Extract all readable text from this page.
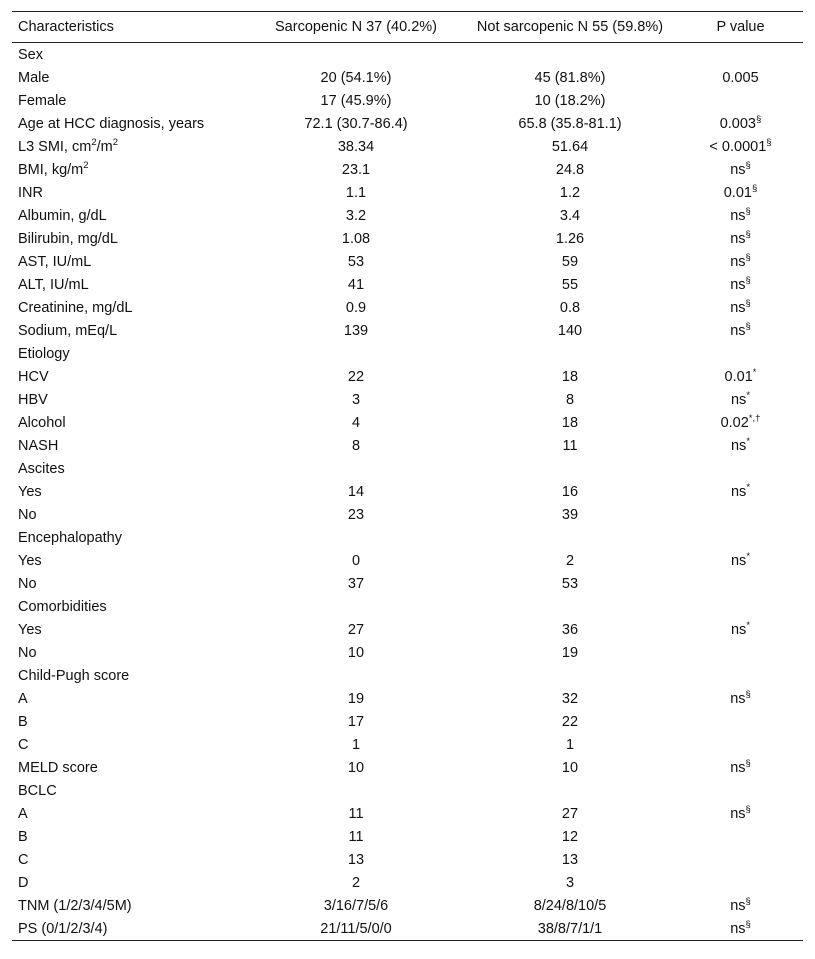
Characteristics	Sarcopenic N 37 (40.2%)	Not sarcopenic N 55 (59.8%)	P value
Sex			
Male	20 (54.1%)	45 (81.8%)	0.005
Female	17 (45.9%)	10 (18.2%)	
Age at HCC diagnosis, years	72.1 (30.7-86.4)	65.8 (35.8-81.1)	0.003§
L3 SMI, $cm^2/m^2$	38.34	51.64	< 0.0001§
BMI, $kg/m^2$	23.1	24.8	ns§
INR	1.1	1.2	0.01§
Albumin, g/dL	3.2	3.4	ns§
Bilirubin, mg/dL	1.08	1.26	ns§
AST, IU/mL	53	59	ns§
ALT, IU/mL	41	55	ns§
Creatinine, mg/dL	0.9	0.8	ns§
Sodium, mEq/L	139	140	ns§
Etiology			
HCV	22	18	0.01*
HBV	3	8	ns*
Alcohol	4	18	0.02*,†
NASH	8	11	ns*
Ascites			
Yes	14	16	ns*
No	23	39	
Encephalopathy			
Yes	0	2	ns*
No	37	53	
Comorbidities			
Yes	27	36	ns*
No	10	19	
Child-Pugh score			
A	19	32	ns§
B	17	22	
C	1	1	
MELD score	10	10	ns§
BCLC			
A	11	27	ns§
B	11	12	
C	13	13	
D	2	3	
TNM (1/2/3/4/5M)	3/16/7/5/6	8/24/8/10/5	ns§
PS (0/1/2/3/4)	21/11/5/0/0	38/8/7/1/1	ns§
